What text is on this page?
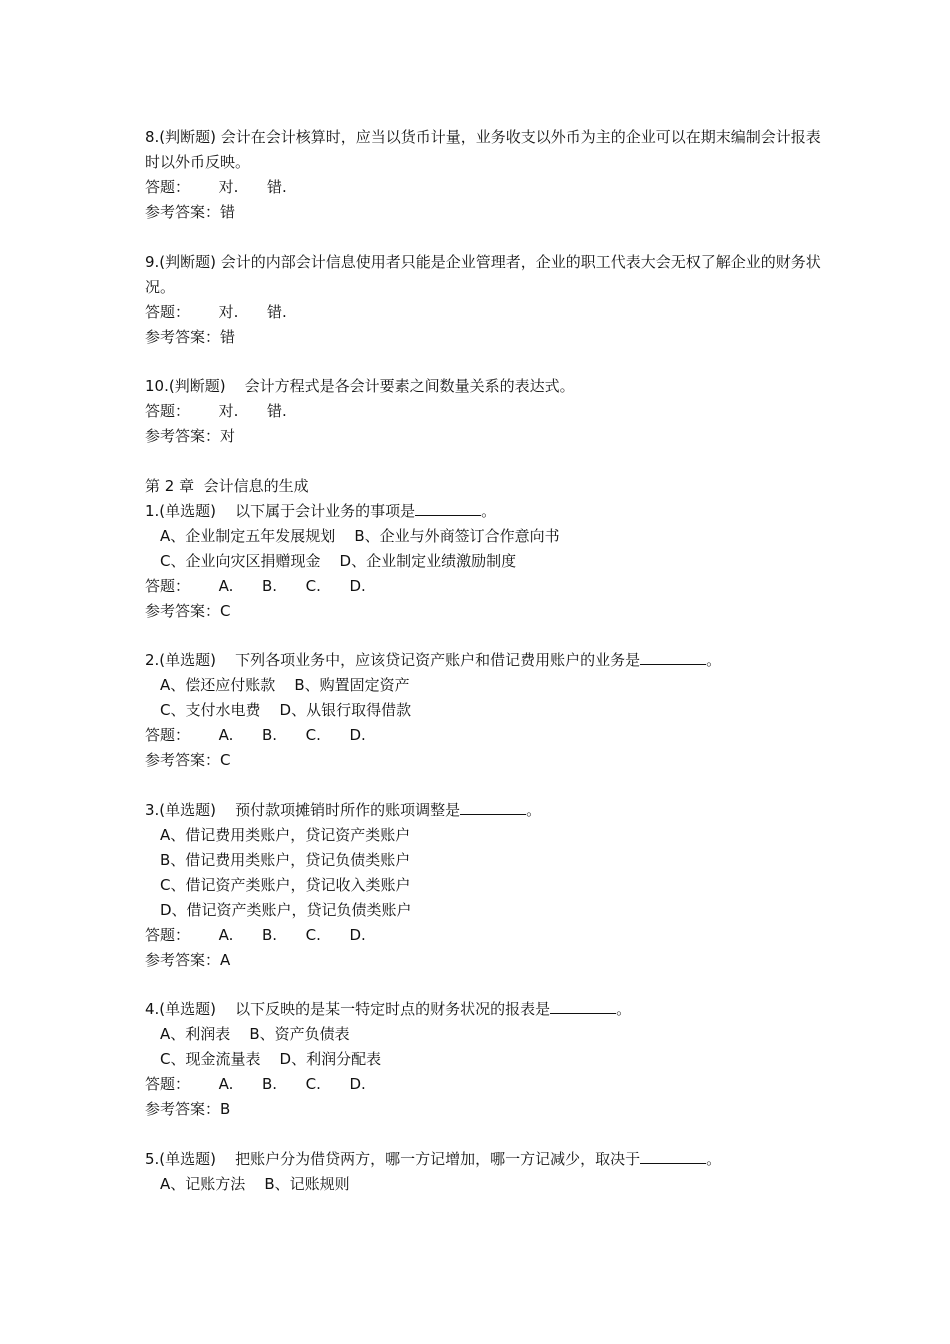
8.(判断题) 会计在会计核算时，应当以货币计量，业务收支以外币为主的企业可以在期末编制会计报表时以外币反映。
答题：      对.      错.
参考答案：错
9.(判断题) 会计的内部会计信息使用者只能是企业管理者，企业的职工代表大会无权了解企业的财务状况。
答题：      对.      错.
参考答案：错
10.(判断题)    会计方程式是各会计要素之间数量关系的表达式。
答题：      对.      错.
参考答案：对
第 2 章  会计信息的生成
1.(单选题)    以下属于会计业务的事项是	。
A、企业制定五年发展规划    B、企业与外商签订合作意向书
C、企业向灾区捐赠现金    D、企业制定业绩激励制度
答题：      A.      B.      C.      D.
参考答案：C
2.(单选题)    下列各项业务中，应该贷记资产账户和借记费用账户的业务是	。
A、偿还应付账款    B、购置固定资产
C、支付水电费    D、从银行取得借款
答题：      A.      B.      C.      D.
参考答案：C
3.(单选题)    预付款项摊销时所作的账项调整是	。
A、借记费用类账户，贷记资产类账户
B、借记费用类账户，贷记负债类账户
C、借记资产类账户，贷记收入类账户
D、借记资产类账户，贷记负债类账户
答题：      A.      B.      C.      D.
参考答案：A
4.(单选题)    以下反映的是某一特定时点的财务状况的报表是	。
A、利润表    B、资产负债表
C、现金流量表    D、利润分配表
答题：      A.      B.      C.      D.
参考答案：B
5.(单选题)    把账户分为借贷两方，哪一方记增加，哪一方记减少，取决于	。
A、记账方法    B、记账规则
